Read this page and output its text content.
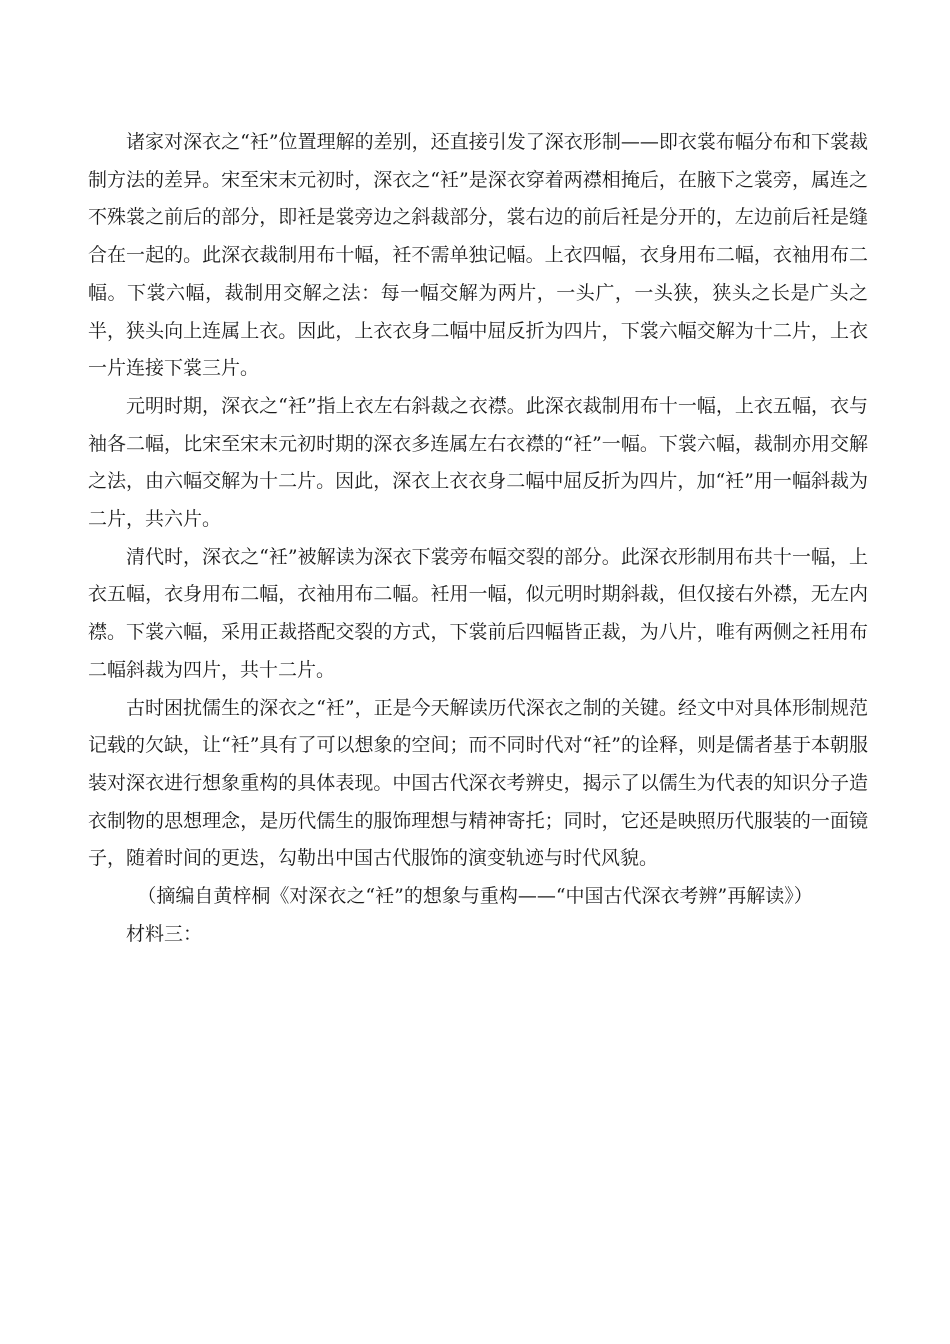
诸家对深衣之“衽”位置理解的差别，还直接引发了深衣形制——即衣裳布幅分布和下裳裁制方法的差异。宋至宋末元初时，深衣之“衽”是深衣穿着两襟相掩后，在腋下之裳旁，属连之不殊裳之前后的部分，即衽是裳旁边之斜裁部分，裳右边的前后衽是分开的，左边前后衽是缝合在一起的。此深衣裁制用布十幅，衽不需单独记幅。上衣四幅，衣身用布二幅，衣袖用布二幅。下裳六幅，裁制用交解之法：每一幅交解为两片，一头广，一头狭，狭头之长是广头之半，狭头向上连属上衣。因此，上衣衣身二幅中屈反折为四片，下裳六幅交解为十二片，上衣一片连接下裳三片。

元明时期，深衣之“衽”指上衣左右斜裁之衣襟。此深衣裁制用布十一幅，上衣五幅，衣与袖各二幅，比宋至宋末元初时期的深衣多连属左右衣襟的“衽”一幅。下裳六幅，裁制亦用交解之法，由六幅交解为十二片。因此，深衣上衣衣身二幅中屈反折为四片，加“衽”用一幅斜裁为二片，共六片。

清代时，深衣之“衽”被解读为深衣下裳旁布幅交裂的部分。此深衣形制用布共十一幅，上衣五幅，衣身用布二幅，衣袖用布二幅。衽用一幅，似元明时期斜裁，但仅接右外襟，无左内襟。下裳六幅，采用正裁搭配交裂的方式，下裳前后四幅皆正裁，为八片，唯有两侧之衽用布二幅斜裁为四片，共十二片。

古时困扰儒生的深衣之“衽”，正是今天解读历代深衣之制的关键。经文中对具体形制规范记载的欠缺，让“衽”具有了可以想象的空间；而不同时代对“衽”的诠释，则是儒者基于本朝服装对深衣进行想象重构的具体表现。中国古代深衣考辨史，揭示了以儒生为代表的知识分子造衣制物的思想理念，是历代儒生的服饰理想与精神寄托；同时，它还是映照历代服装的一面镜子，随着时间的更迭，勾勒出中国古代服饰的演变轨迹与时代风貌。

（摘编自黄梓桐《对深衣之“衽”的想象与重构——“中国古代深衣考辨”再解读》）

材料三：
